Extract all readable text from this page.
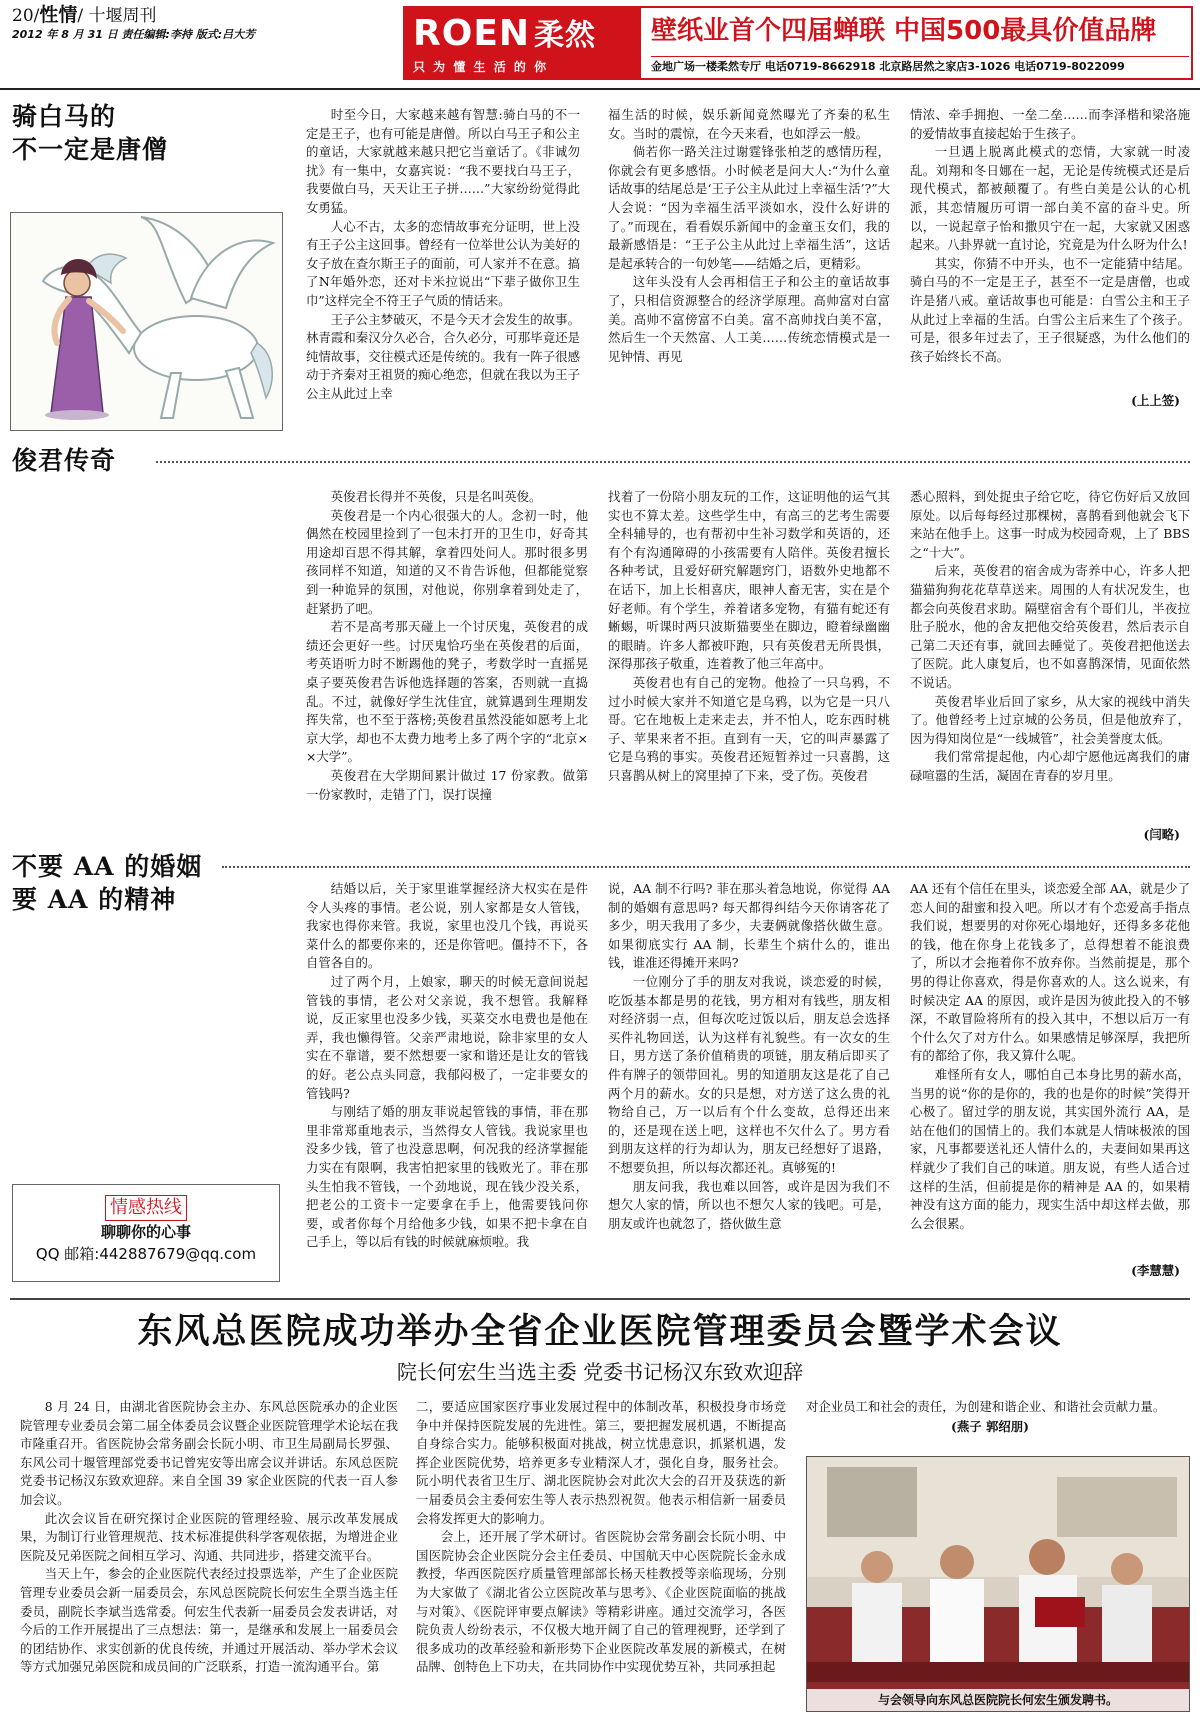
20/性情/ 十堰周刊
2012 年 8 月 31 日 责任编辑:李持 版式:吕大芳	ROEN 柔然
只 为 懂 生 活 的 你
壁纸业首个四届蝉联 中国500最具价值品牌
金地广场一楼柔然专厅 电话0719-8662918 北京路居然之家店3-1026 电话0719-8022099
骑白马的
不一定是唐僧

时至今日，大家越来越有智慧:骑白马的不一定是王子，也有可能是唐僧。所以白马王子和公主的童话，大家就越来越只把它当童话了。《非诚勿扰》有一集中，女嘉宾说：“我不要找白马王子，我要做白马，天天让王子拼……”大家纷纷觉得此女勇猛。

人心不古，太多的恋情故事充分证明，世上没有王子公主这回事。曾经有一位举世公认为美好的女子放在查尔斯王子的面前，可人家并不在意。搞了N年婚外恋，还对卡米拉说出“下辈子做你卫生巾”这样完全不符王子气质的情话来。

王子公主梦破灭，不是今天才会发生的故事。林青霞和秦汉分久必合，合久必分，可那毕竟还是纯情故事，交往模式还是传统的。我有一阵子很感动于齐秦对王祖贤的痴心绝恋，但就在我以为王子公主从此过上幸

福生活的时候，娱乐新闻竟然曝光了齐秦的私生女。当时的震惊，在今天来看，也如浮云一般。

倘若你一路关注过谢霆锋张柏芝的感情历程，你就会有更多感悟。小时候老是问大人:“为什么童话故事的结尾总是‘王子公主从此过上幸福生活’?”大人会说：“因为幸福生活平淡如水，没什么好讲的了。”而现在，看看娱乐新闻中的金童玉女们，我的最新感悟是：“王子公主从此过上幸福生活”，这话是起承转合的一句妙笔——结婚之后，更精彩。

这年头没有人会再相信王子和公主的童话故事了，只相信资源整合的经济学原理。高帅富对白富美。高帅不富傍富不白美。富不高帅找白美不富，然后生一个天然富、人工美……传统恋情模式是一见钟情、再见

情浓、牵手拥抱、一垒二垒……而李泽楷和梁洛施的爱情故事直接起始于生孩子。

一旦遇上脱离此模式的恋情，大家就一时凌乱。刘翔和冬日娜在一起，无论是传统模式还是后现代模式，都被颠覆了。有些白美是公认的心机派，其恋情履历可谓一部白美不富的奋斗史。所以，一说起章子怡和撒贝宁在一起，大家就又困惑起来。八卦界就一直讨论，究竟是为什么呀为什么!

其实，你猜不中开头，也不一定能猜中结尾。骑白马的不一定是王子，甚至不一定是唐僧，也或许是猪八戒。童话故事也可能是：白雪公主和王子从此过上幸福的生活。白雪公主后来生了个孩子。可是，很多年过去了，王子很疑惑，为什么他们的孩子始终长不高。

(上上签)
俊君传奇

英俊君长得并不英俊，只是名叫英俊。

英俊君是一个内心很强大的人。念初一时，他偶然在校园里捡到了一包未打开的卫生巾，好奇其用途却百思不得其解，拿着四处问人。那时很多男孩同样不知道，知道的又不肯告诉他，但都能觉察到一种诡异的氛围，对他说，你别拿着到处走了，赶紧扔了吧。

若不是高考那天碰上一个讨厌鬼，英俊君的成绩还会更好一些。讨厌鬼恰巧坐在英俊君的后面，考英语听力时不断踢他的凳子，考数学时一直摇晃桌子要英俊君告诉他选择题的答案，否则就一直捣乱。不过，就像好学生沈佳宜，就算遇到生理期发挥失常，也不至于落榜;英俊君虽然没能如愿考上北京大学，却也不太费力地考上多了两个字的“北京××大学”。

英俊君在大学期间累计做过 17 份家教。做第一份家教时，走错了门，误打误撞

找着了一份陪小朋友玩的工作，这证明他的运气其实也不算太差。这些学生中，有高三的艺考生需要全科辅导的，也有帮初中生补习数学和英语的，还有个有沟通障碍的小孩需要有人陪伴。英俊君擅长各种考试，且爱好研究解题窍门，语数外史地都不在话下，加上长相喜庆，眼神人畜无害，实在是个好老师。有个学生，养着诸多宠物，有猫有蛇还有蜥蜴，听课时两只波斯猫要坐在脚边，瞪着绿幽幽的眼睛。许多人都被吓跑，只有英俊君无所畏惧，深得那孩子敬重，连着教了他三年高中。

英俊君也有自己的宠物。他捡了一只乌鸦，不过小时候大家并不知道它是乌鸦，以为它是一只八哥。它在地板上走来走去，并不怕人，吃东西时桃子、苹果来者不拒。直到有一天，它的叫声暴露了它是乌鸦的事实。英俊君还短暂养过一只喜鹊，这只喜鹊从树上的窝里掉了下来，受了伤。英俊君

悉心照料，到处捉虫子给它吃，待它伤好后又放回原处。以后每每经过那棵树，喜鹊看到他就会飞下来站在他手上。这事一时成为校园奇观，上了 BBS 之“十大”。

后来，英俊君的宿舍成为寄养中心，许多人把猫猫狗狗花花草草送来。周围的人有状况发生，也都会向英俊君求助。隔壁宿舍有个哥们儿，半夜拉肚子脱水，他的舍友把他交给英俊君，然后表示自己第二天还有事，就回去睡觉了。英俊君把他送去了医院。此人康复后，也不如喜鹊深情，见面依然不说话。

英俊君毕业后回了家乡，从大家的视线中消失了。他曾经考上过京城的公务员，但是他放弃了，因为得知岗位是“一线城管”，社会美誉度太低。

我们常常提起他，内心却宁愿他远离我们的庸碌喧嚣的生活，凝固在青春的岁月里。

(闫略)
不要 AA 的婚姻
要 AA 的精神
情感热线
聊聊你的心事
QQ 邮箱:442887679@qq.com

结婚以后，关于家里谁掌握经济大权实在是件令人头疼的事情。老公说，别人家都是女人管钱，我家也得你来管。我说，家里也没几个钱，再说买菜什么的都要你来的，还是你管吧。僵持不下，各自管各自的。

过了两个月，上娘家，聊天的时候无意间说起管钱的事情，老公对父亲说，我不想管。我解释说，反正家里也没多少钱，买菜交水电费也是他在弄，我也懒得管。父亲严肃地说，除非家里的女人实在不靠谱，要不然想要一家和谐还是让女的管钱的好。老公点头同意，我郁闷极了，一定非要女的管钱吗?

与刚结了婚的朋友菲说起管钱的事情，菲在那里非常郑重地表示，当然得女人管钱。我说家里也没多少钱，管了也没意思啊，何况我的经济掌握能力实在有限啊，我害怕把家里的钱败光了。菲在那头生怕我不管钱，一个劲地说，现在钱少没关系，把老公的工资卡一定要拿在手上，他需要钱问你要，或者你每个月给他多少钱，如果不把卡拿在自己手上，等以后有钱的时候就麻烦啦。我

说，AA 制不行吗? 菲在那头着急地说，你觉得 AA 制的婚姻有意思吗? 每天都得纠结今天你请客花了多少，明天我用了多少，夫妻俩就像搭伙做生意。如果彻底实行 AA 制，长辈生个病什么的，谁出钱，谁准还得摊开来吗?

一位刚分了手的朋友对我说，谈恋爱的时候，吃饭基本都是男的花钱，男方相对有钱些，朋友相对经济弱一点，但每次吃过饭以后，朋友总会选择买件礼物回送，认为这样有礼貌些。有一次女的生日，男方送了条价值稍贵的项链，朋友稍后即买了件有牌子的领带回礼。男的知道朋友这是花了自己两个月的薪水。女的只是想，对方送了这么贵的礼物给自己，万一以后有个什么变故，总得还出来的，还是现在送上吧，这样也不欠什么了。男方看到朋友这样的行为却认为，朋友已经想好了退路，不想要负担，所以每次都还礼。真够冤的!

朋友问我，我也难以回答，或许是因为我们不想欠人家的情，所以也不想欠人家的钱吧。可是，朋友或许也就忽了，搭伙做生意

AA 还有个信任在里头，谈恋爱全部 AA，就是少了恋人间的甜蜜和投入吧。所以才有个恋爱高手指点我们说，想要男的对你死心塌地好，还得多多花他的钱，他在你身上花钱多了，总得想着不能浪费了，所以才会拖着你不放弃你。当然前提是，那个男的得让你喜欢，得是你喜欢的人。这么说来，有时候决定 AA 的原因，或许是因为彼此投入的不够深，不敢冒险将所有的投入其中，不想以后万一有个什么欠了对方什么。如果感情足够深厚，我把所有的都给了你，我又算什么呢。

难怪所有女人，哪怕自己本身比男的薪水高，当男的说“你的是你的，我的也是你的时候”笑得开心极了。留过学的朋友说，其实国外流行 AA，是站在他们的国情上的。我们本就是人情味极浓的国家，凡事都要送礼还人情什么的，夫妻间如果再这样就少了我们自己的味道。朋友说，有些人适合过这样的生活，但前提是你的精神是 AA 的，如果精神没有这方面的能力，现实生活中却这样去做，那么会很累。

(李慧慧)
东风总医院成功举办全省企业医院管理委员会暨学术会议
院长何宏生当选主委 党委书记杨汉东致欢迎辞

8 月 24 日，由湖北省医院协会主办、东风总医院承办的企业医院管理专业委员会第二届全体委员会议暨企业医院管理学术论坛在我市隆重召开。省医院协会常务副会长阮小明、市卫生局副局长罗强、东风公司十堰管理部党委书记曾宪安等出席会议并讲话。东风总医院党委书记杨汉东致欢迎辞。来自全国 39 家企业医院的代表一百人参加会议。

此次会议旨在研究探讨企业医院的管理经验、展示改革发展成果，为制订行业管理规范、技术标准提供科学客观依据，为增进企业医院及兄弟医院之间相互学习、沟通、共同进步，搭建交流平台。

当天上午，参会的企业医院代表经过投票选举，产生了企业医院管理专业委员会新一届委员会，东风总医院院长何宏生全票当选主任委员，副院长李斌当选常委。何宏生代表新一届委员会发表讲话，对今后的工作开展提出了三点想法：第一，是继承和发展上一届委员会的团结协作、求实创新的优良传统，并通过开展活动、举办学术会议等方式加强兄弟医院和成员间的广泛联系，打造一流沟通平台。第

二，要适应国家医疗事业发展过程中的体制改革，积极投身市场竞争中并保持医院发展的先进性。第三，要把握发展机遇，不断提高自身综合实力。能够积极面对挑战，树立忧患意识，抓紧机遇，发挥企业医院优势，培养更多专业精深人才，强化自身，服务社会。阮小明代表省卫生厅、湖北医院协会对此次大会的召开及获选的新一届委员会主委何宏生等人表示热烈祝贺。他表示相信新一届委员会将发挥更大的影响力。

会上，还开展了学术研讨。省医院协会常务副会长阮小明、中国医院协会企业医院分会主任委员、中国航天中心医院院长金永成教授，华西医院医疗质量管理部部长杨天桂教授等亲临现场，分别为大家做了《湖北省公立医院改革与思考》、《企业医院面临的挑战与对策》、《医院评审要点解读》等精彩讲座。通过交流学习，各医院负责人纷纷表示，不仅极大地开阔了自己的管理视野，还学到了很多成功的改革经验和新形势下企业医院改革发展的新模式，在树品牌、创特色上下功夫，在共同协作中实现优势互补，共同承担起

对企业员工和社会的责任，为创建和谐企业、和谐社会贡献力量。

(燕子 郭绍朋)
与会领导向东风总医院院长何宏生颁发聘书。
